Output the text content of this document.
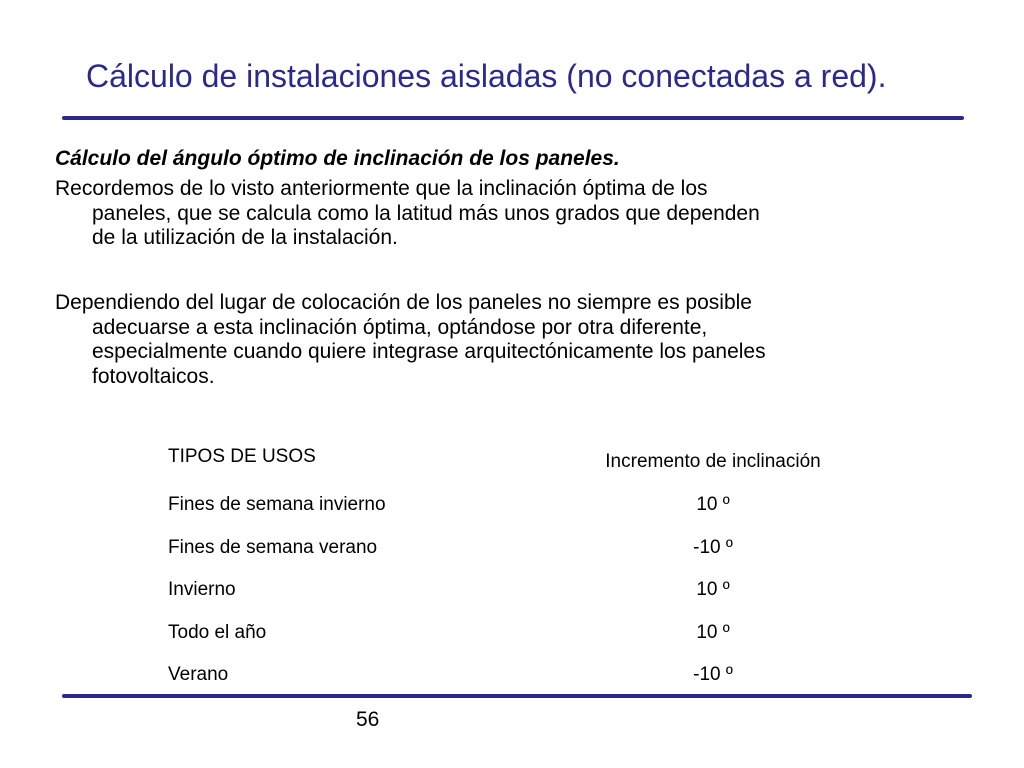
Cálculo de instalaciones aisladas (no conectadas a red).
Cálculo del ángulo óptimo de inclinación de los paneles.
Recordemos de lo visto anteriormente que la inclinación óptima de los
paneles, que se calcula como la latitud más unos grados que dependen
de la utilización de la instalación.
Dependiendo del lugar de colocación de los paneles no siempre es posible
adecuarse a esta inclinación óptima, optándose por otra diferente,
especialmente cuando quiere integrase arquitectónicamente los paneles
fotovoltaicos.
TIPOS DE USOS	Incremento de inclinación
Fines de semana invierno	10 º
Fines de semana verano	-10 º
Invierno	10 º
Todo el año	10 º
Verano	-10 º
56
